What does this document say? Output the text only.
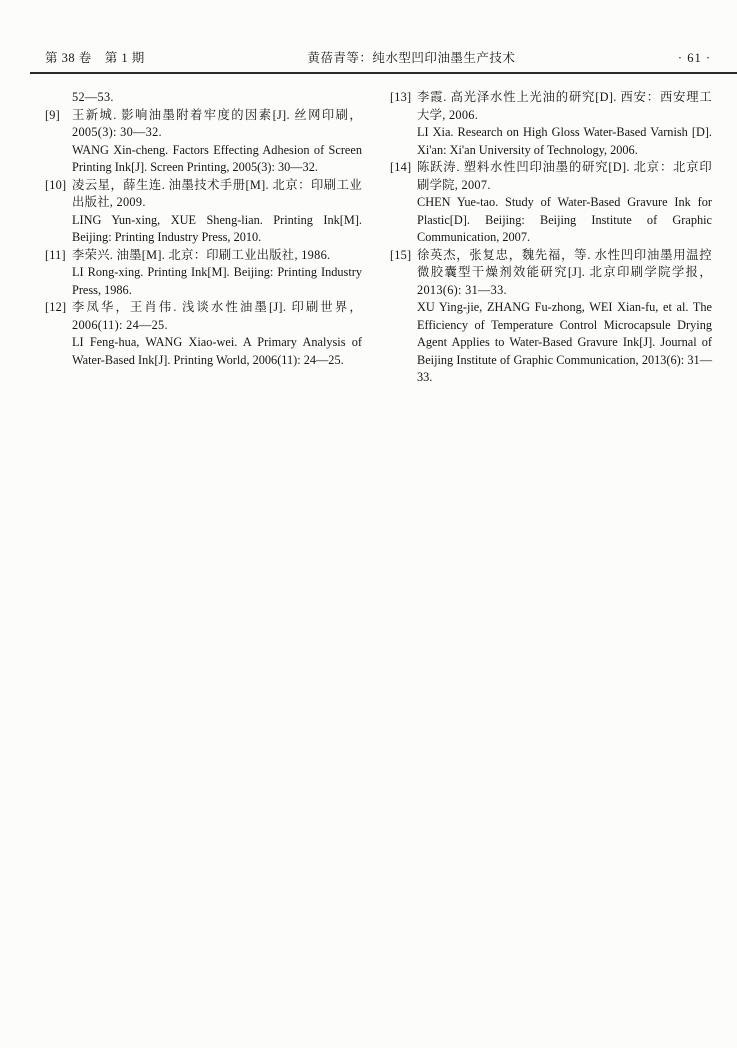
第 38 卷　第 1 期	黄蓓青等：纯水型凹印油墨生产技术	· 61 ·
52—53.
[9] 王新城. 影响油墨附着牢度的因素[J]. 丝网印刷，2005(3): 30—32.
WANG Xin-cheng. Factors Effecting Adhesion of Screen Printing Ink[J]. Screen Printing, 2005(3): 30—32.
[10] 凌云星，薛生连. 油墨技术手册[M]. 北京：印刷工业出版社, 2009.
LING Yun-xing, XUE Sheng-lian. Printing Ink[M]. Beijing: Printing Industry Press, 2010.
[11] 李荣兴. 油墨[M]. 北京：印刷工业出版社, 1986.
LI Rong-xing. Printing Ink[M]. Beijing: Printing Industry Press, 1986.
[12] 李凤华，王肖伟. 浅谈水性油墨[J]. 印刷世界，2006(11): 24—25.
LI Feng-hua, WANG Xiao-wei. A Primary Analysis of Water-Based Ink[J]. Printing World, 2006(11): 24—25.
[13] 李霞. 高光泽水性上光油的研究[D]. 西安：西安理工大学, 2006.
LI Xia. Research on High Gloss Water-Based Varnish [D]. Xi'an: Xi'an University of Technology, 2006.
[14] 陈跃涛. 塑料水性凹印油墨的研究[D]. 北京：北京印刷学院, 2007.
CHEN Yue-tao. Study of Water-Based Gravure Ink for Plastic[D]. Beijing: Beijing Institute of Graphic Communication, 2007.
[15] 徐英杰，张复忠，魏先福，等. 水性凹印油墨用温控微胶囊型干燥剂效能研究[J]. 北京印刷学院学报，2013(6): 31—33.
XU Ying-jie, ZHANG Fu-zhong, WEI Xian-fu, et al. The Efficiency of Temperature Control Microcapsule Drying Agent Applies to Water-Based Gravure Ink[J]. Journal of Beijing Institute of Graphic Communication, 2013(6): 31—33.
